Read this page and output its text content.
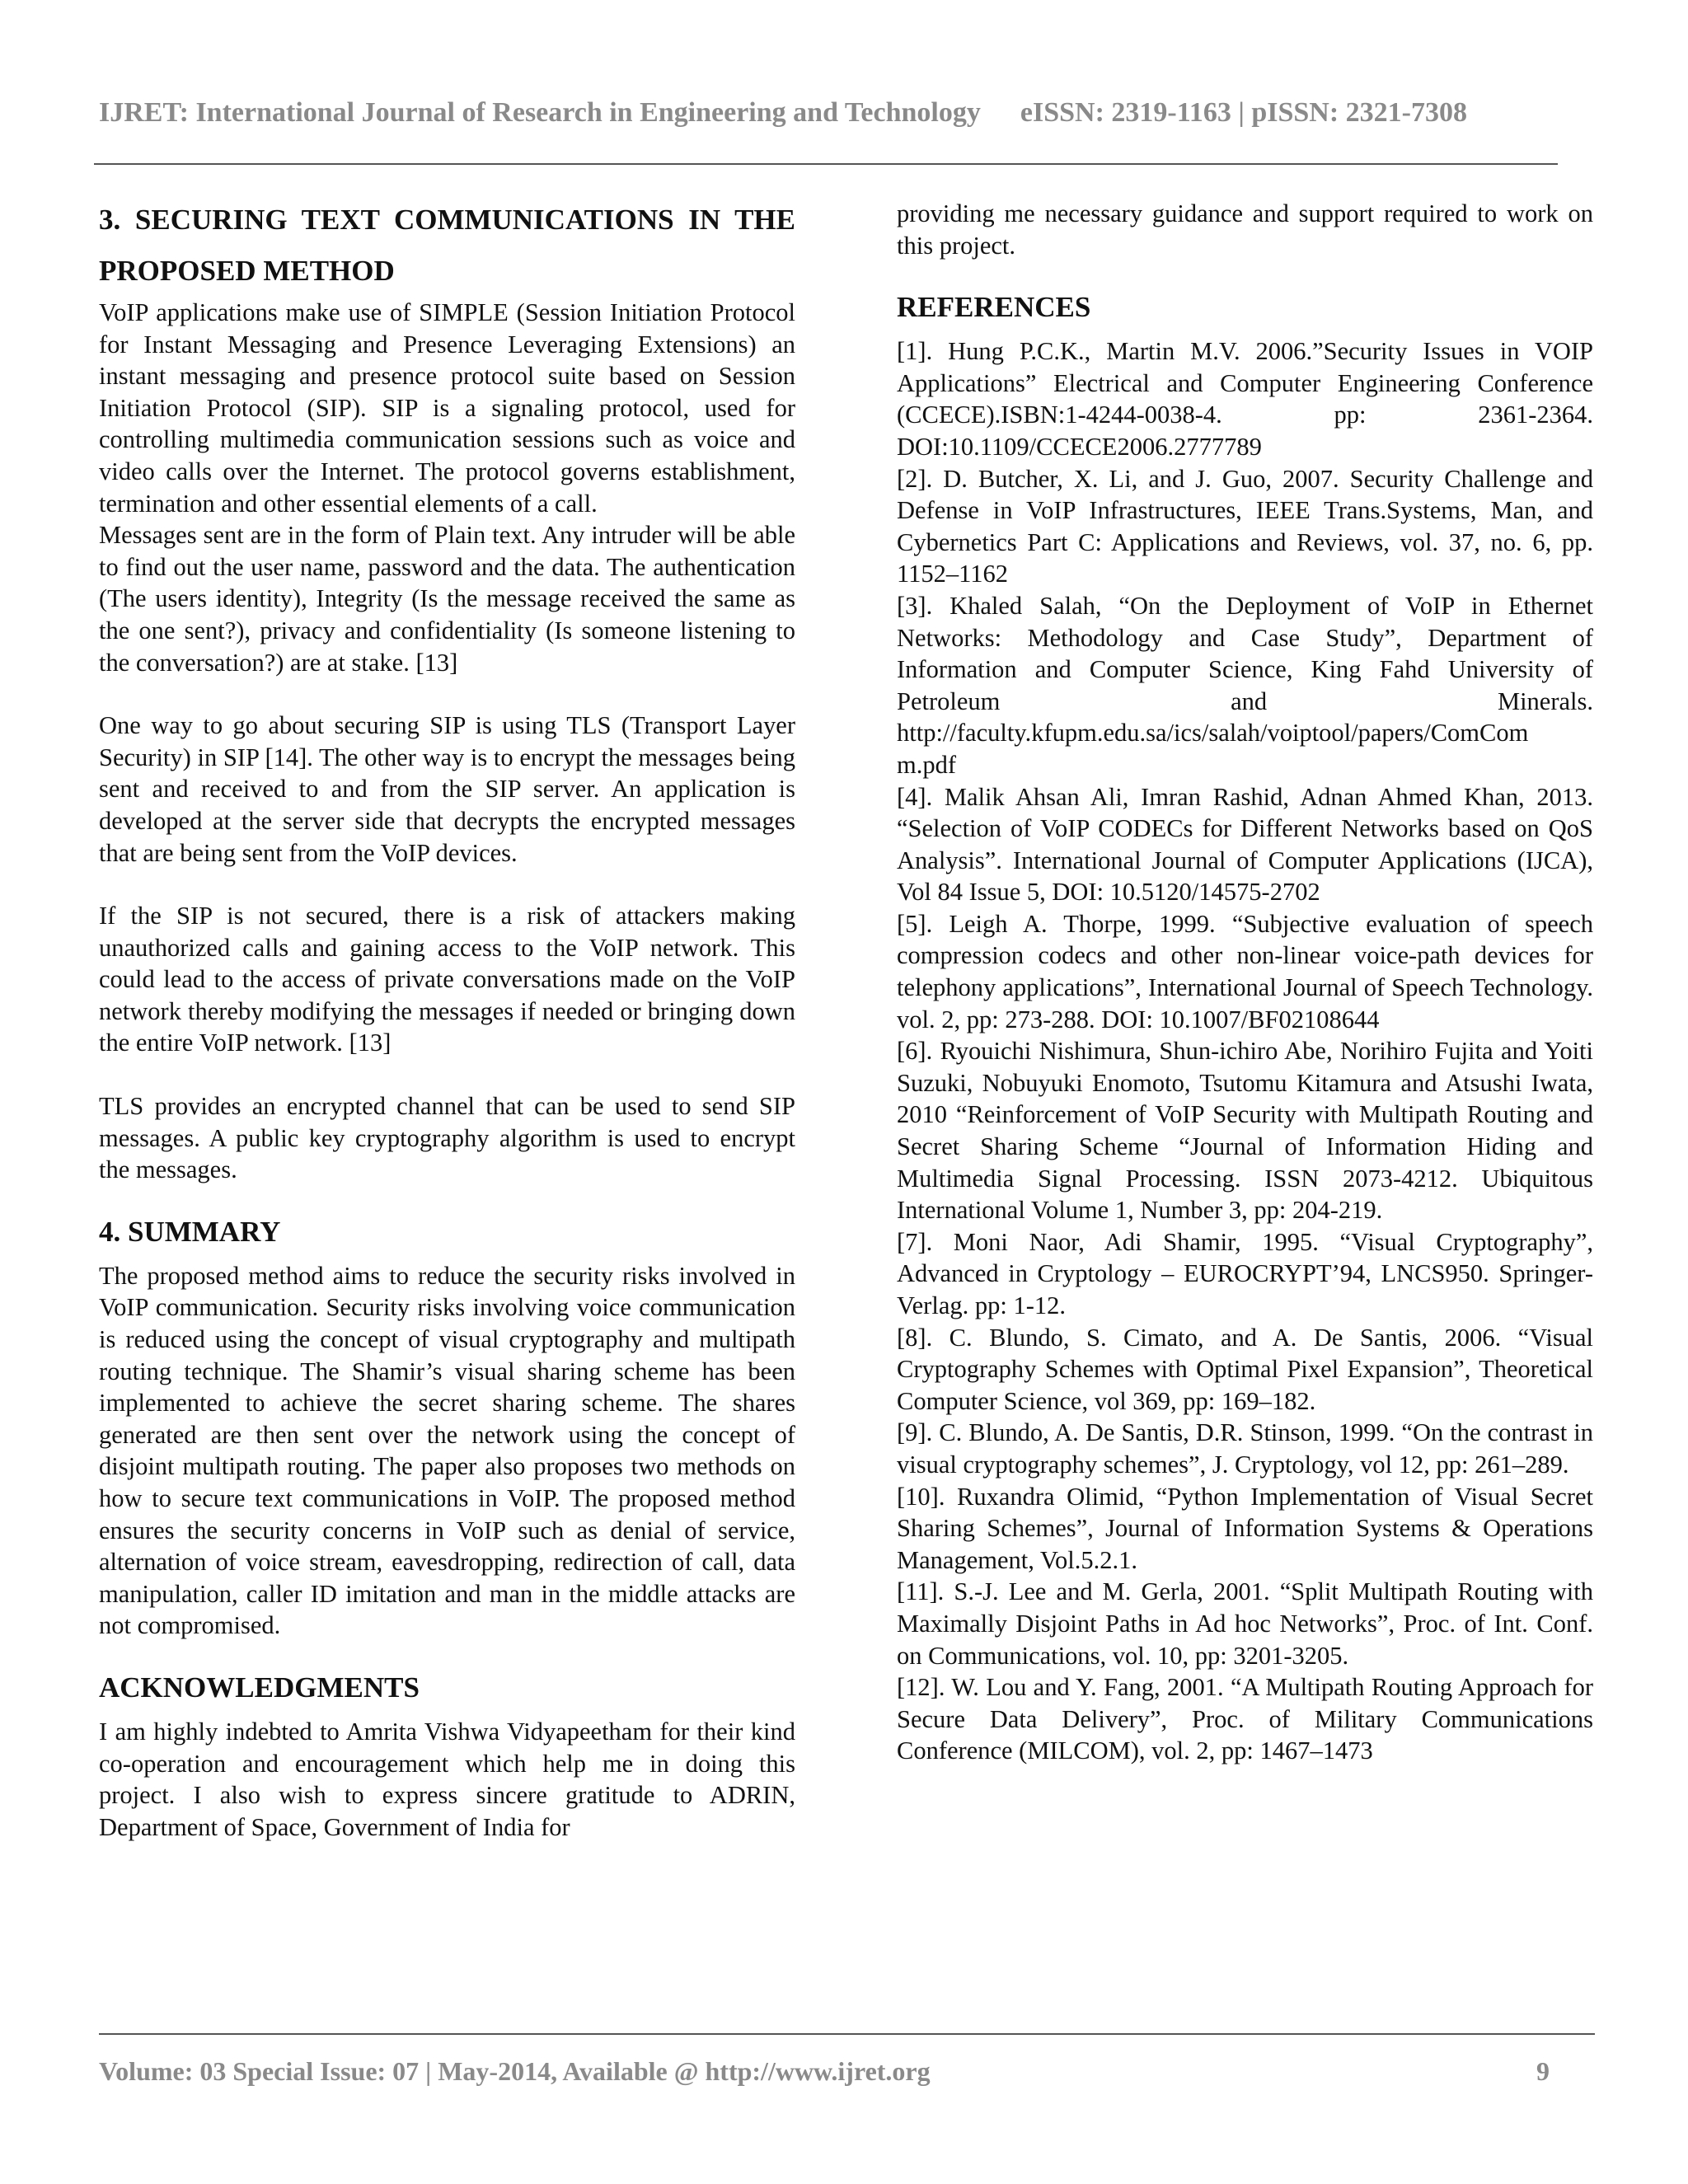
IJRET: International Journal of Research in Engineering and Technology eISSN: 2319-1163 | pISSN: 2321-7308
3. SECURING TEXT COMMUNICATIONS IN THE PROPOSED METHOD

VoIP applications make use of SIMPLE (Session Initiation Protocol for Instant Messaging and Presence Leveraging Extensions) an instant messaging and presence protocol suite based on Session Initiation Protocol (SIP). SIP is a signaling protocol, used for controlling multimedia communication sessions such as voice and video calls over the Internet. The protocol governs establishment, termination and other essential elements of a call.

Messages sent are in the form of Plain text. Any intruder will be able to find out the user name, password and the data. The authentication (The users identity), Integrity (Is the message received the same as the one sent?), privacy and confidentiality (Is someone listening to the conversation?) are at stake. [13]

One way to go about securing SIP is using TLS (Transport Layer Security) in SIP [14]. The other way is to encrypt the messages being sent and received to and from the SIP server. An application is developed at the server side that decrypts the encrypted messages that are being sent from the VoIP devices.

If the SIP is not secured, there is a risk of attackers making unauthorized calls and gaining access to the VoIP network. This could lead to the access of private conversations made on the VoIP network thereby modifying the messages if needed or bringing down the entire VoIP network. [13]

TLS provides an encrypted channel that can be used to send SIP messages. A public key cryptography algorithm is used to encrypt the messages.

4. SUMMARY

The proposed method aims to reduce the security risks involved in VoIP communication. Security risks involving voice communication is reduced using the concept of visual cryptography and multipath routing technique. The Shamir’s visual sharing scheme has been implemented to achieve the secret sharing scheme. The shares generated are then sent over the network using the concept of disjoint multipath routing. The paper also proposes two methods on how to secure text communications in VoIP. The proposed method ensures the security concerns in VoIP such as denial of service, alternation of voice stream, eavesdropping, redirection of call, data manipulation, caller ID imitation and man in the middle attacks are not compromised.

ACKNOWLEDGMENTS

I am highly indebted to Amrita Vishwa Vidyapeetham for their kind co-operation and encouragement which help me in doing this project. I also wish to express sincere gratitude to ADRIN, Department of Space, Government of India for

providing me necessary guidance and support required to work on this project.

REFERENCES

[1]. Hung P.C.K., Martin M.V. 2006.”Security Issues in VOIP Applications” Electrical and Computer Engineering Conference (CCECE).ISBN:1-4244-0038-4. pp: 2361-2364. DOI:10.1109/CCECE2006.2777789

[2]. D. Butcher, X. Li, and J. Guo, 2007. Security Challenge and Defense in VoIP Infrastructures, IEEE Trans.Systems, Man, and Cybernetics Part C: Applications and Reviews, vol. 37, no. 6, pp. 1152–1162

[3]. Khaled Salah, “On the Deployment of VoIP in Ethernet Networks: Methodology and Case Study”, Department of Information and Computer Science, King Fahd University of Petroleum and Minerals. http://faculty.kfupm.edu.sa/ics/salah/voiptool/papers/ComCom m.pdf

[4]. Malik Ahsan Ali, Imran Rashid, Adnan Ahmed Khan, 2013. “Selection of VoIP CODECs for Different Networks based on QoS Analysis”. International Journal of Computer Applications (IJCA), Vol 84 Issue 5, DOI: 10.5120/14575-2702

[5]. Leigh A. Thorpe, 1999. “Subjective evaluation of speech compression codecs and other non-linear voice-path devices for telephony applications”, International Journal of Speech Technology. vol. 2, pp: 273-288. DOI: 10.1007/BF02108644

[6]. Ryouichi Nishimura, Shun-ichiro Abe, Norihiro Fujita and Yoiti Suzuki, Nobuyuki Enomoto, Tsutomu Kitamura and Atsushi Iwata, 2010 “Reinforcement of VoIP Security with Multipath Routing and Secret Sharing Scheme “Journal of Information Hiding and Multimedia Signal Processing. ISSN 2073-4212. Ubiquitous International Volume 1, Number 3, pp: 204-219.

[7]. Moni Naor, Adi Shamir, 1995. “Visual Cryptography”, Advanced in Cryptology – EUROCRYPT’94, LNCS950. Springer-Verlag. pp: 1-12.

[8]. C. Blundo, S. Cimato, and A. De Santis, 2006. “Visual Cryptography Schemes with Optimal Pixel Expansion”, Theoretical Computer Science, vol 369, pp: 169–182.

[9]. C. Blundo, A. De Santis, D.R. Stinson, 1999. “On the contrast in visual cryptography schemes”, J. Cryptology, vol 12, pp: 261–289.

[10]. Ruxandra Olimid, “Python Implementation of Visual Secret Sharing Schemes”, Journal of Information Systems & Operations Management, Vol.5.2.1.

[11]. S.-J. Lee and M. Gerla, 2001. “Split Multipath Routing with Maximally Disjoint Paths in Ad hoc Networks”, Proc. of Int. Conf. on Communications, vol. 10, pp: 3201-3205.

[12]. W. Lou and Y. Fang, 2001. “A Multipath Routing Approach for Secure Data Delivery”, Proc. of Military Communications Conference (MILCOM), vol. 2, pp: 1467–1473

Volume: 03 Special Issue: 07 | May-2014, Available @ http://www.ijret.org	9
